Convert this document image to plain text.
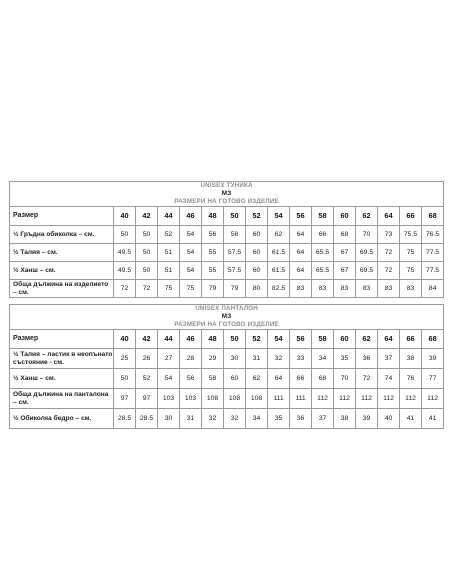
UNISEX ТУНИКА															
МЗ															
РАЗМЕРИ НА ГОТОВО ИЗДЕЛИЕ															
Размер	40	42	44	46	48	50	52	54	56	58	60	62	64	66	68
½ Гръдна обиколка – см.	50	50	52	54	56	58	60	62	64	66	68	70	73	75.5	76.5
½ Талия – см.	49.5	50	51	54	55	57.5	60	61.5	64	65.5	67	69.5	72	75	77.5
½ Ханш – см.	49.5	50	51	54	55	57.5	60	61.5	64	65.5	67	69.5	72	75	77.5
Обща дължина на изделието – см.	72	72	75	75	79	79	80	82.5	83	83	83	83	83	83	84
UNISEX ПАНТАЛОН															
МЗ															
РАЗМЕРИ НА ГОТОВО ИЗДЕЛИЕ															
Размер	40	42	44	46	48	50	52	54	56	58	60	62	64	66	68
½ Талия – ластик в неопънато състояние - см.	25	26	27	28	29	30	31	32	33	34	35	36	37	38	39
½ Ханш – см.	50	52	54	56	58	60	62	64	66	68	70	72	74	76	77
Обща дължина на панталона – см.	97	97	103	103	108	108	108	111	111	112	112	112	112	112	112
½ Обиколка бедро – см.	28.5	28.5	30	31	32	32	34	35	36	37	38	39	40	41	41
